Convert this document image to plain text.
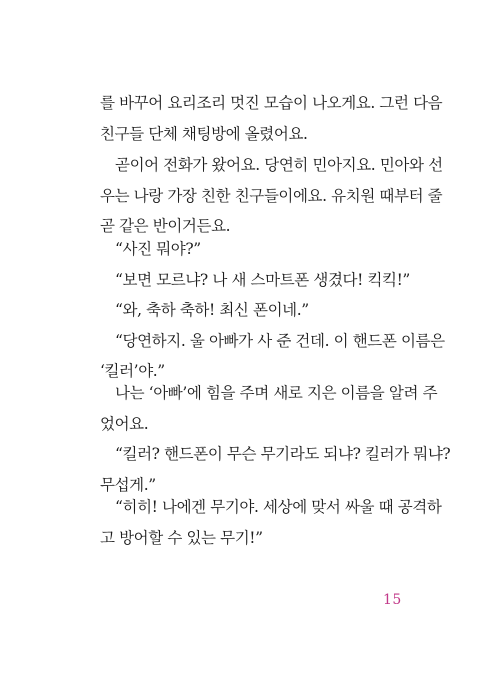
를 바꾸어 요리조리 멋진 모습이 나오게요. 그런 다음
친구들 단체 채팅방에 올렸어요.
곧이어 전화가 왔어요. 당연히 민아지요. 민아와 선
우는 나랑 가장 친한 친구들이에요. 유치원 때부터 줄
곧 같은 반이거든요.
“사진 뭐야?”
“보면 모르냐? 나 새 스마트폰 생겼다! 킥킥!”
“와, 축하 축하! 최신 폰이네.”
“당연하지. 울 아빠가 사 준 건데. 이 핸드폰 이름은
‘킬러’야.”
나는 ‘아빠’에 힘을 주며 새로 지은 이름을 알려 주
었어요.
“킬러? 핸드폰이 무슨 무기라도 되냐? 킬러가 뭐냐?
무섭게.”
“히히! 나에겐 무기야. 세상에 맞서 싸울 때 공격하
고 방어할 수 있는 무기!”
15
